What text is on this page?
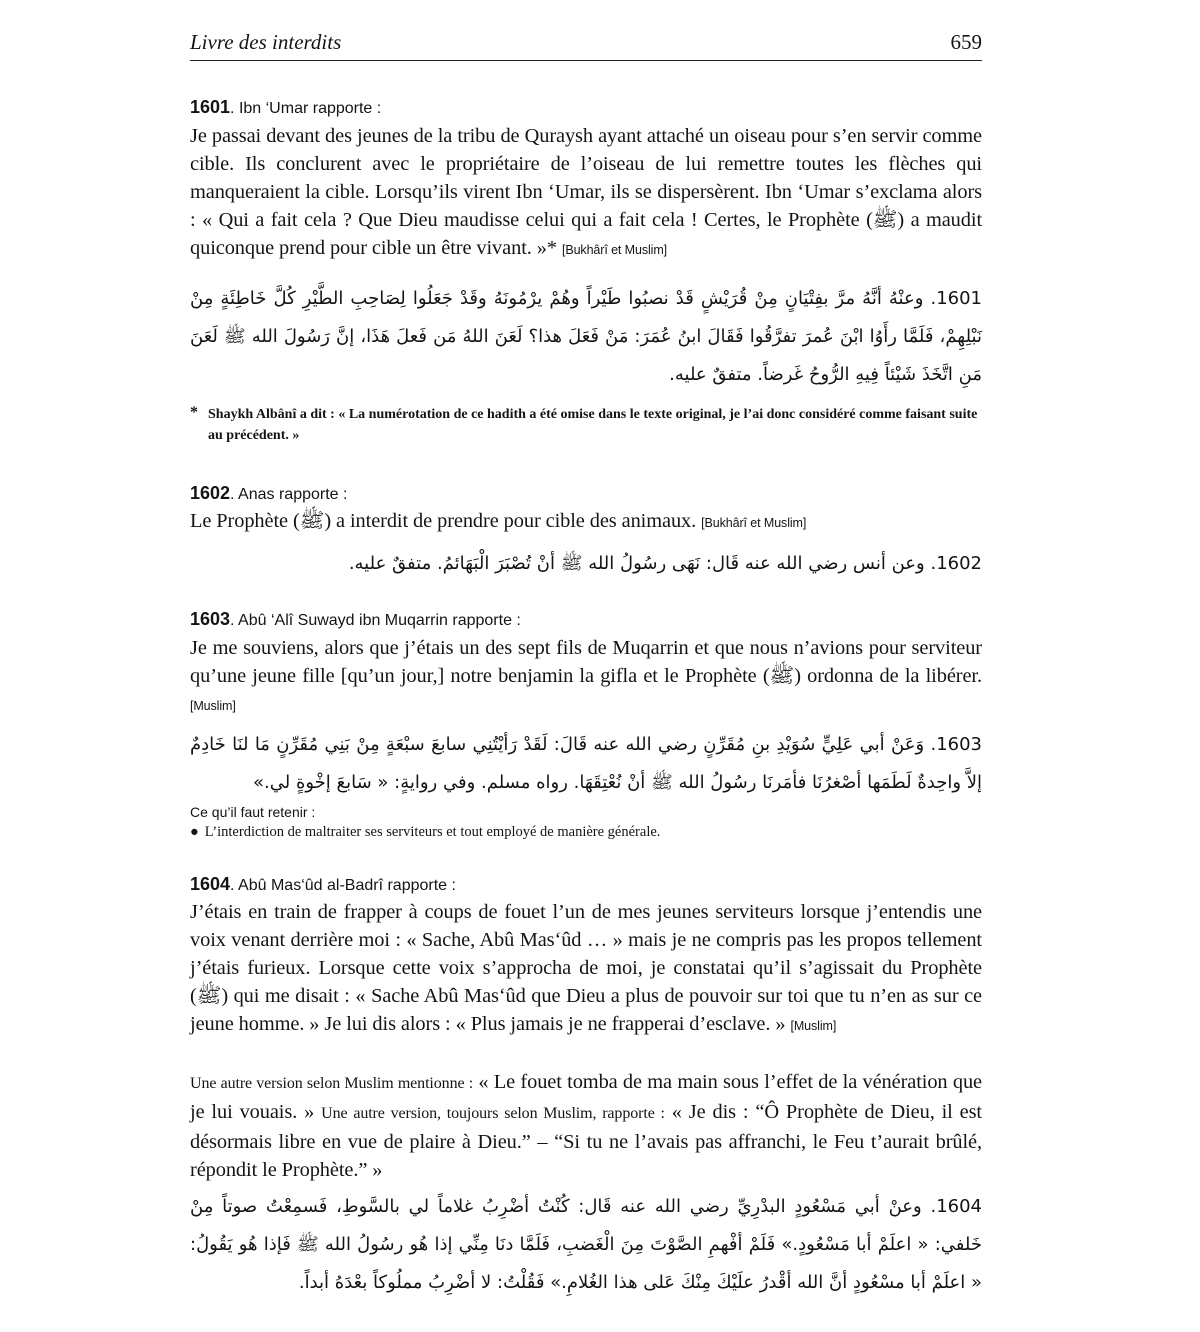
Livre des interdits	659
1601. Ibn ‘Umar rapporte :
Je passai devant des jeunes de la tribu de Quraysh ayant attaché un oiseau pour s’en servir comme cible. Ils conclurent avec le propriétaire de l’oiseau de lui remettre toutes les flèches qui manqueraient la cible. Lorsqu’ils virent Ibn ‘Umar, ils se dispersèrent. Ibn ‘Umar s’exclama alors : « Qui a fait cela ? Que Dieu maudisse celui qui a fait cela ! Certes, le Prophète (ﷺ) a maudit quiconque prend pour cible un être vivant. »* [Bukhârî et Muslim]
1601. وعنْهُ أنَّهُ مرَّ بفِتْيَانٍ مِنْ قُرَيْشٍ قَدْ نصبُوا طَيْراً وهُمْ يرْمُونَهُ وقَدْ جَعَلُوا لِصَاحِبِ الطَّيْرِ كُلَّ خَاطِئَةٍ مِنْ نَبْلِهِمْ، فَلَمَّا رأَوُا ابْنَ عُمرَ تفرَّقُوا فَقَالَ ابنُ عُمَرَ: مَنْ فَعَلَ هذا؟ لَعَنَ اللهُ مَن فَعلَ هَذَا، إنَّ رَسُولَ الله ﷺ لَعَنَ مَنِ اتَّخَذَ شَيْئاً فِيهِ الرُّوحُ غَرضاً. متفقٌ عليه.
* Shaykh Albânî a dit : « La numérotation de ce hadith a été omise dans le texte original, je l’ai donc considéré comme faisant suite au précédent. »
1602. Anas rapporte :
Le Prophète (ﷺ) a interdit de prendre pour cible des animaux. [Bukhârî et Muslim]
1602. وعن أنس رضي الله عنه قَال: نَهَى رسُولُ الله ﷺ أنْ تُصْبَرَ الْبَهَائمُ. متفقٌ عليه.
1603. Abû ‘Alî Suwayd ibn Muqarrin rapporte :
Je me souviens, alors que j’étais un des sept fils de Muqarrin et que nous n’avions pour serviteur qu’une jeune fille [qu’un jour,] notre benjamin la gifla et le Prophète (ﷺ) ordonna de la libérer. [Muslim]
1603. وَعَنْ أبي عَلِيٍّ سُوَيْدِ بنِ مُقَرِّنٍ رضي الله عنه قَالَ: لَقَدْ رَأيْتُنِي سابعَ سبْعَةٍ مِنْ بَنِي مُقَرِّنٍ مَا لنَا خَادِمٌ إلاَّ واحِدةٌ لَطَمَها أصْغرُنَا فأمَرنَا رسُولُ الله ﷺ أنْ نُعْتِقَهَا. رواه مسلم. وفي روايةٍ: « سَابعَ إخْوةٍ لي.»
Ce qu’il faut retenir :
● L’interdiction de maltraiter ses serviteurs et tout employé de manière générale.
1604. Abû Mas‘ûd al-Badrî rapporte :
J’étais en train de frapper à coups de fouet l’un de mes jeunes serviteurs lorsque j’entendis une voix venant derrière moi : « Sache, Abû Mas‘ûd … » mais je ne compris pas les propos tellement j’étais furieux. Lorsque cette voix s’approcha de moi, je constatai qu’il s’agissait du Prophète (ﷺ) qui me disait : « Sache Abû Mas‘ûd que Dieu a plus de pouvoir sur toi que tu n’en as sur ce jeune homme. » Je lui dis alors : « Plus jamais je ne frapperai d’esclave. » [Muslim]
Une autre version selon Muslim mentionne : « Le fouet tomba de ma main sous l’effet de la vénération que je lui vouais. » Une autre version, toujours selon Muslim, rapporte : « Je dis : “Ô Prophète de Dieu, il est désormais libre en vue de plaire à Dieu.” – “Si tu ne l’avais pas affranchi, le Feu t’aurait brûlé, répondit le Prophète.” »
1604. وعنْ أبي مَسْعُودٍ البدْرِيِّ رضي الله عنه قَال: كُنْتُ أضْرِبُ غلاماً لي بالسَّوطِ، فَسمِعْتُ صوتاً مِنْ خَلفي: « اعلَمْ أبا مَسْعُودٍ.» فَلَمْ أفْهمِ الصَّوْتَ مِنَ الْغَضبِ، فَلَمَّا دنَا مِنِّي إذا هُو رسُولُ الله ﷺ فَإذا هُو يَقُولُ: « اعلَمْ أبا مسْعُودٍ أنَّ الله أقْدرُ علَيْكَ مِنْكَ عَلى هذا الغُلامِ.» فَقُلْتُ: لا أضْرِبُ مملُوكاً بعْدَهُ أبداً.
